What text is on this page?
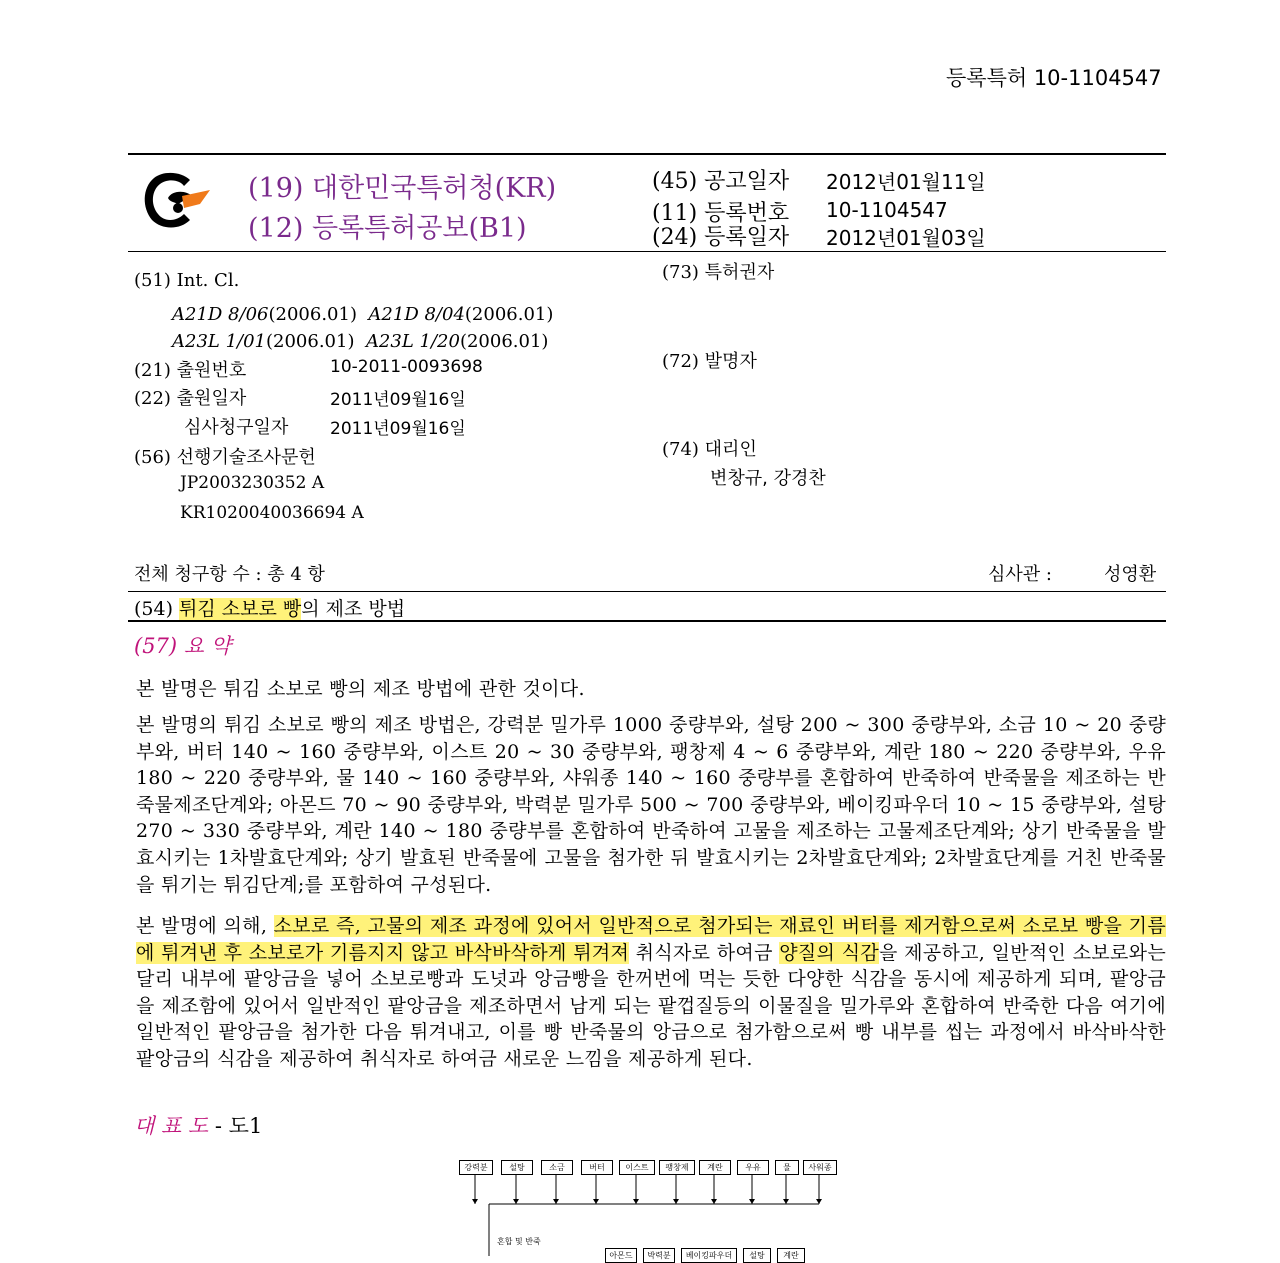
등록특허 10-1104547
(19) 대한민국특허청(KR)
(12) 등록특허공보(B1)
(45) 공고일자 2012년01월11일
(11) 등록번호 10-1104547
(24) 등록일자 2012년01월03일
(51) Int. Cl.
A21D 8/06(2006.01) A21D 8/04(2006.01)
A23L 1/01(2006.01) A23L 1/20(2006.01)
(21) 출원번호	10-2011-0093698
(22) 출원일자	2011년09월16일
심사청구일자 2011년09월16일
(56) 선행기술조사문헌
JP2003230352 A
KR1020040036694 A
(73) 특허권자
(72) 발명자
(74) 대리인
변창규, 강경찬
전체 청구항 수 : 총 4 항	심사관 :	성영환
(54) 튀김 소보로 빵의 제조 방법
(57) 요 약
본 발명은 튀김 소보로 빵의 제조 방법에 관한 것이다.
본 발명의 튀김 소보로 빵의 제조 방법은, 강력분 밀가루 1000 중량부와, 설탕 200 ~ 300 중량부와, 소금 10 ~ 20 중량부와, 버터 140 ~ 160 중량부와, 이스트 20 ~ 30 중량부와, 팽창제 4 ~ 6 중량부와, 계란 180 ~ 220 중량부와, 우유 180 ~ 220 중량부와, 물 140 ~ 160 중량부와, 샤워종 140 ~ 160 중량부를 혼합하여 반죽하여 반죽물을 제조하는 반죽물제조단계와; 아몬드 70 ~ 90 중량부와, 박력분 밀가루 500 ~ 700 중량부와, 베이킹파우더 10 ~ 15 중량부와, 설탕 270 ~ 330 중량부와, 계란 140 ~ 180 중량부를 혼합하여 반죽하여 고물을 제조하는 고물제조단계와; 상기 반죽물을 발효시키는 1차발효단계와; 상기 발효된 반죽물에 고물을 첨가한 뒤 발효시키는 2차발효단계와; 2차발효단계를 거친 반죽물을 튀기는 튀김단계;를 포함하여 구성된다.
본 발명에 의해, 소보로 즉, 고물의 제조 과정에 있어서 일반적으로 첨가되는 재료인 버터를 제거함으로써 소로보 빵을 기름에 튀겨낸 후 소보로가 기름지지 않고 바삭바삭하게 튀겨져 취식자로 하여금 양질의 식감을 제공하고, 일반적인 소보로와는 달리 내부에 팥앙금을 넣어 소보로빵과 도넛과 앙금빵을 한꺼번에 먹는 듯한 다양한 식감을 동시에 제공하게 되며, 팥앙금을 제조함에 있어서 일반적인 팥앙금을 제조하면서 남게 되는 팥껍질등의 이물질을 밀가루와 혼합하여 반죽한 다음 여기에 일반적인 팥앙금을 첨가한 다음 튀겨내고, 이를 빵 반죽물의 앙금으로 첨가함으로써 빵 내부를 씹는 과정에서 바삭바삭한 팥앙금의 식감을 제공하여 취식자로 하여금 새로운 느낌을 제공하게 된다.
대 표 도 - 도1
강력분	설탕	소금	버터	이스트	팽창제	계란	우유	물	사워종
혼합 및 반죽
아몬드	박력분	베이킹파우더	설탕	계란
